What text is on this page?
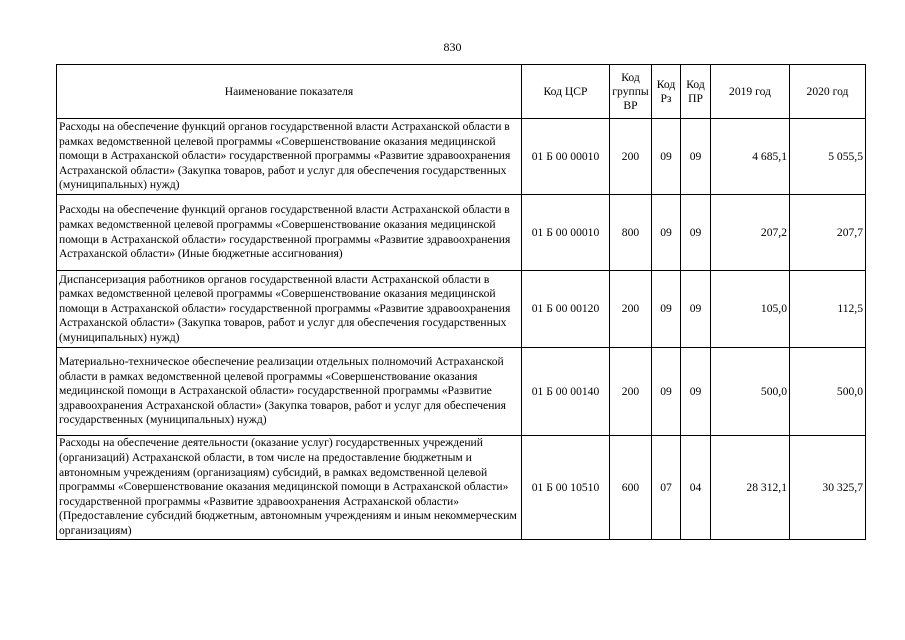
830
Наименование показателя	Код ЦСР	Код группы ВР	Код Рз	Код ПР	2019 год	2020 год
Расходы на обеспечение функций органов государственной власти Астраханской области в рамках ведомственной целевой программы «Совершенствование оказания медицинской помощи в Астраханской области» государственной программы «Развитие здравоохранения Астраханской области» (Закупка товаров, работ и услуг для обеспечения государственных (муниципальных) нужд)	01 Б 00 00010	200	09	09	4 685,1	5 055,5
Расходы на обеспечение функций органов государственной власти Астраханской области в рамках ведомственной целевой программы «Совершенствование оказания медицинской помощи в Астраханской области» государственной программы «Развитие здравоохранения Астраханской области» (Иные бюджетные ассигнования)	01 Б 00 00010	800	09	09	207,2	207,7
Диспансеризация работников органов государственной власти Астраханской области в рамках ведомственной целевой программы «Совершенствование оказания медицинской помощи в Астраханской области» государственной программы «Развитие здравоохранения Астраханской области» (Закупка товаров, работ и услуг для обеспечения государственных (муниципальных) нужд)	01 Б 00 00120	200	09	09	105,0	112,5
Материально-техническое обеспечение реализации отдельных полномочий Астраханской области в рамках ведомственной целевой программы «Совершенствование оказания медицинской помощи в Астраханской области» государственной программы «Развитие здравоохранения Астраханской области» (Закупка товаров, работ и услуг для обеспечения государственных (муниципальных) нужд)	01 Б 00 00140	200	09	09	500,0	500,0
Расходы на обеспечение деятельности (оказание услуг) государственных учреждений (организаций) Астраханской области, в том числе на предоставление бюджетным и автономным учреждениям (организациям) субсидий, в рамках ведомственной целевой программы «Совершенствование оказания медицинской помощи в Астраханской области» государственной программы «Развитие здравоохранения Астраханской области» (Предоставление субсидий бюджетным, автономным учреждениям и иным некоммерческим организациям)	01 Б 00 10510	600	07	04	28 312,1	30 325,7
